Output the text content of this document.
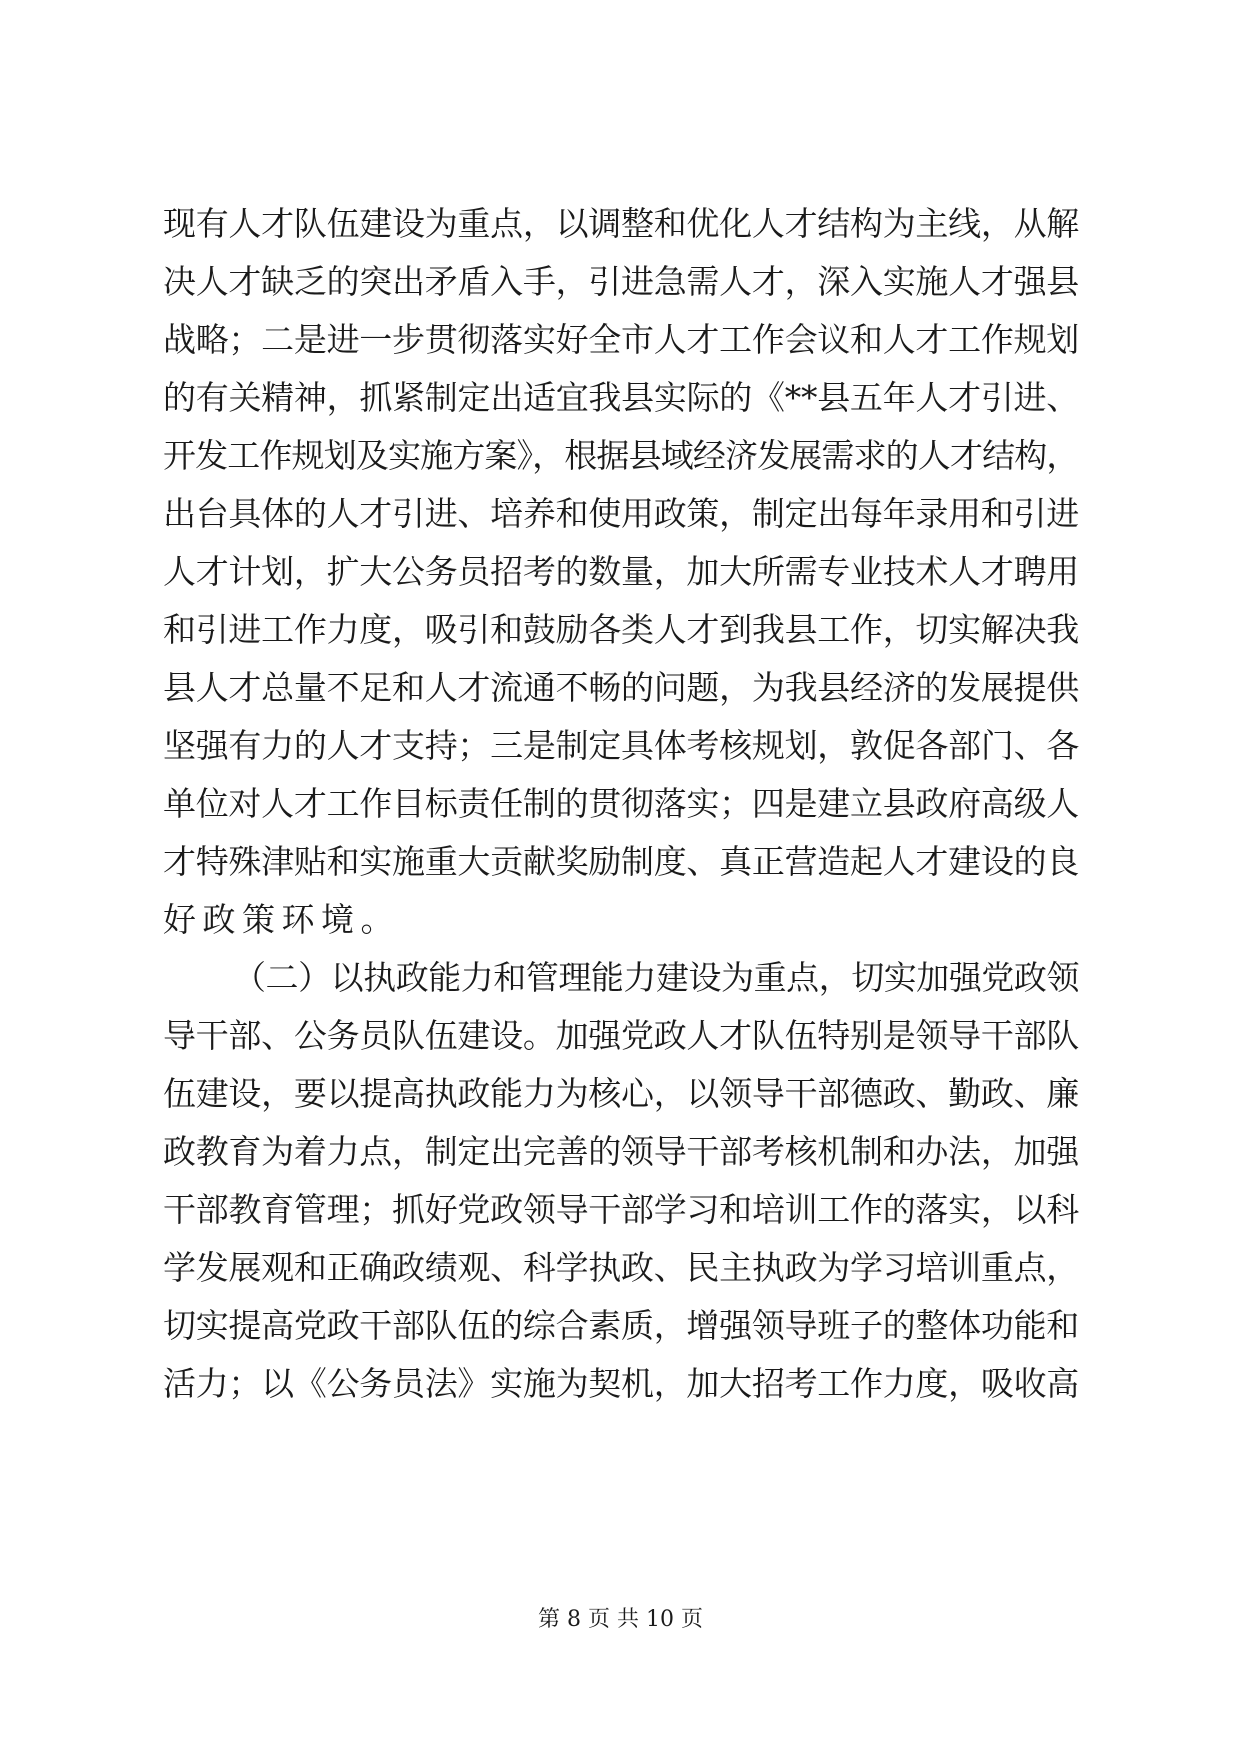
现有人才队伍建设为重点，以调整和优化人才结构为主线，从解
决人才缺乏的突出矛盾入手，引进急需人才，深入实施人才强县
战略；二是进一步贯彻落实好全市人才工作会议和人才工作规划
的有关精神，抓紧制定出适宜我县实际的《**县五年人才引进、
开发工作规划及实施方案》，根据县域经济发展需求的人才结构，
出台具体的人才引进、培养和使用政策，制定出每年录用和引进
人才计划，扩大公务员招考的数量，加大所需专业技术人才聘用
和引进工作力度，吸引和鼓励各类人才到我县工作，切实解决我
县人才总量不足和人才流通不畅的问题，为我县经济的发展提供
坚强有力的人才支持；三是制定具体考核规划，敦促各部门、各
单位对人才工作目标责任制的贯彻落实；四是建立县政府高级人
才特殊津贴和实施重大贡献奖励制度、真正营造起人才建设的良
好政策环境。
（二）以执政能力和管理能力建设为重点，切实加强党政领
导干部、公务员队伍建设。加强党政人才队伍特别是领导干部队
伍建设，要以提高执政能力为核心，以领导干部德政、勤政、廉
政教育为着力点，制定出完善的领导干部考核机制和办法，加强
干部教育管理；抓好党政领导干部学习和培训工作的落实，以科
学发展观和正确政绩观、科学执政、民主执政为学习培训重点，
切实提高党政干部队伍的综合素质，增强领导班子的整体功能和
活力；以《公务员法》实施为契机，加大招考工作力度，吸收高
第 8 页 共 10 页
